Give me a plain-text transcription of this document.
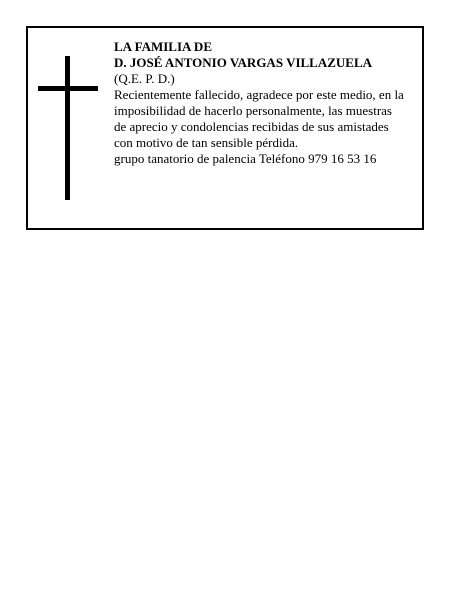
LA FAMILIA DE
D. JOSÉ ANTONIO VARGAS VILLAZUELA
(Q.E. P. D.)
Recientemente fallecido, agradece por este medio, en la
imposibilidad de hacerlo personalmente, las muestras
de aprecio y condolencias recibidas de sus amistades
con motivo de tan sensible pérdida.
grupo tanatorio de palencia Teléfono 979 16 53 16
